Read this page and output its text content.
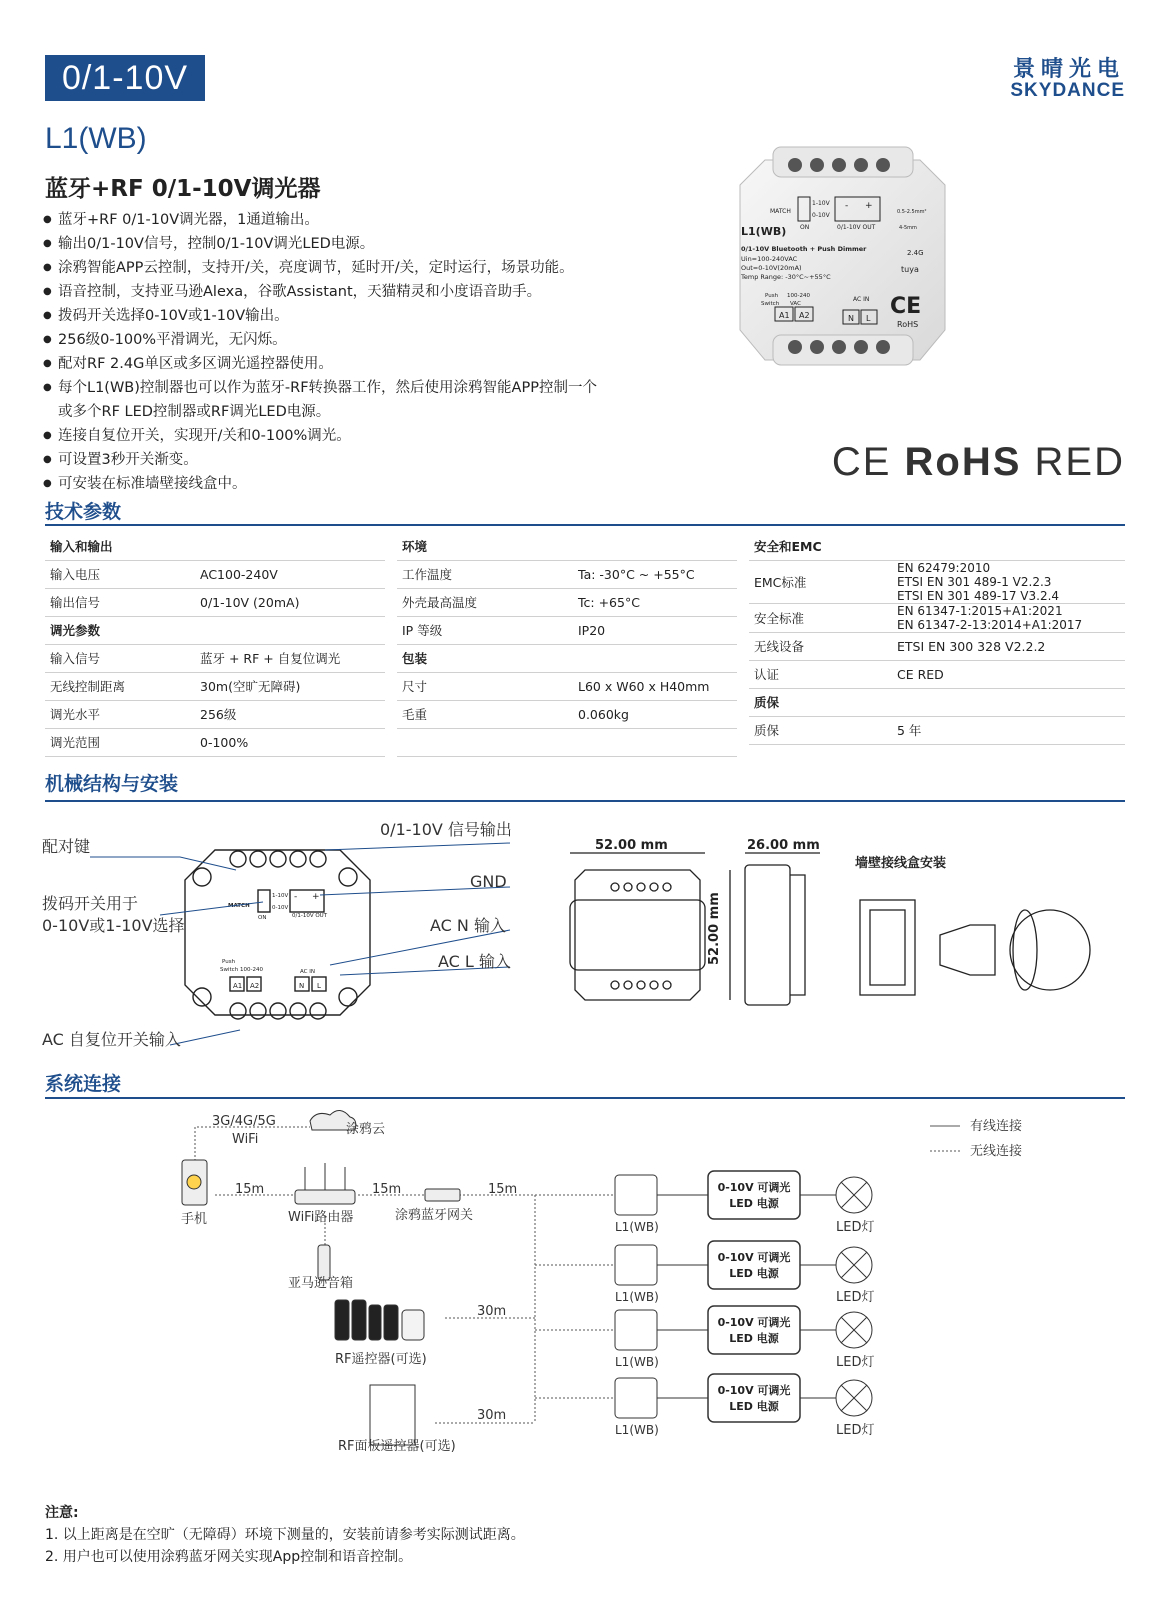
0/1-10V	景晴光电
SKYDANCE
L1(WB)
蓝牙+RF 0/1-10V调光器
● 蓝牙+RF 0/1-10V调光器，1通道输出。
● 输出0/1-10V信号，控制0/1-10V调光LED电源。
● 涂鸦智能APP云控制，支持开/关，亮度调节，延时开/关，定时运行，场景功能。
● 语音控制，支持亚马逊Alexa，谷歌Assistant，天猫精灵和小度语音助手。
● 拨码开关选择0-10V或1-10V输出。
● 256级0-100%平滑调光，无闪烁。
● 配对RF 2.4G单区或多区调光遥控器使用。
● 每个L1(WB)控制器也可以作为蓝牙-RF转换器工作，然后使用涂鸦智能APP控制一个
或多个RF LED控制器或RF调光LED电源。
● 连接自复位开关，实现开/关和0-100%调光。
● 可设置3秒开关渐变。
● 可安装在标准墙壁接线盒中。
MATCH
1-10V
0-10V
ON
- +
0/1-10V OUT
0.5-2.5mm²
4-5mm
L1(WB)
0/1-10V Bluetooth + Push Dimmer
Uin=100-240VAC
Out=0-10V(20mA)
Temp Range: -30°C~+55°C
2.4G
tuya
Push
Switch
100-240
VAC
A1 A2
AC IN
N L CE
RoHS
CE RoHS RED
技术参数
输入和输出	
输入电压	AC100-240V
输出信号	0/1-10V (20mA)
调光参数	
输入信号	蓝牙 + RF + 自复位调光
无线控制距离	30m(空旷无障碍)
调光水平	256级
调光范围	0-100%
环境	
工作温度	Ta: -30°C ~ +55°C
外壳最高温度	Tc: +65°C
IP 等级	IP20
包装	
尺寸	L60 x W60 x H40mm
毛重	0.060kg

安全和EMC	
EMC标准	EN 62479:2010
ETSI EN 301 489-1 V2.2.3
ETSI EN 301 489-17 V3.2.4

安全标准	EN 61347-1:2015+A1:2021
EN 61347-2-13:2014+A1:2017

无线设备	ETSI EN 300 328 V2.2.2
认证	CE RED
质保	
质保	5 年
机械结构与安装
MATCH
1-10V
0-10V
ON
- +
0/1-10V OUT
Push
Switch 100-240	AC IN
A1 A2	N L
52.00 mm	26.00 mm
墙壁接线盒安装
52.00 mm
配对键
拨码开关用于
0-10V或1-10V选择
0/1-10V 信号输出
GND
AC N 输入
AC L 输入
AC 自复位开关输入
系统连接
L1(WB)
0-10V 可调光
LED 电源
LED灯
L1(WB)
0-10V 可调光
LED 电源
LED灯
L1(WB)
0-10V 可调光
LED 电源
LED灯
L1(WB)
0-10V 可调光
LED 电源
LED灯
有线连接
无线连接
3G/4G/5G
WiFi
涂鸦云
手机	WiFi路由器	涂鸦蓝牙网关
亚马逊音箱
RF遥控器(可选)
RF面板遥控器(可选)
15m	15m	15m
30m
30m
注意:
1. 以上距离是在空旷（无障碍）环境下测量的，安装前请参考实际测试距离。
2. 用户也可以使用涂鸦蓝牙网关实现App控制和语音控制。
